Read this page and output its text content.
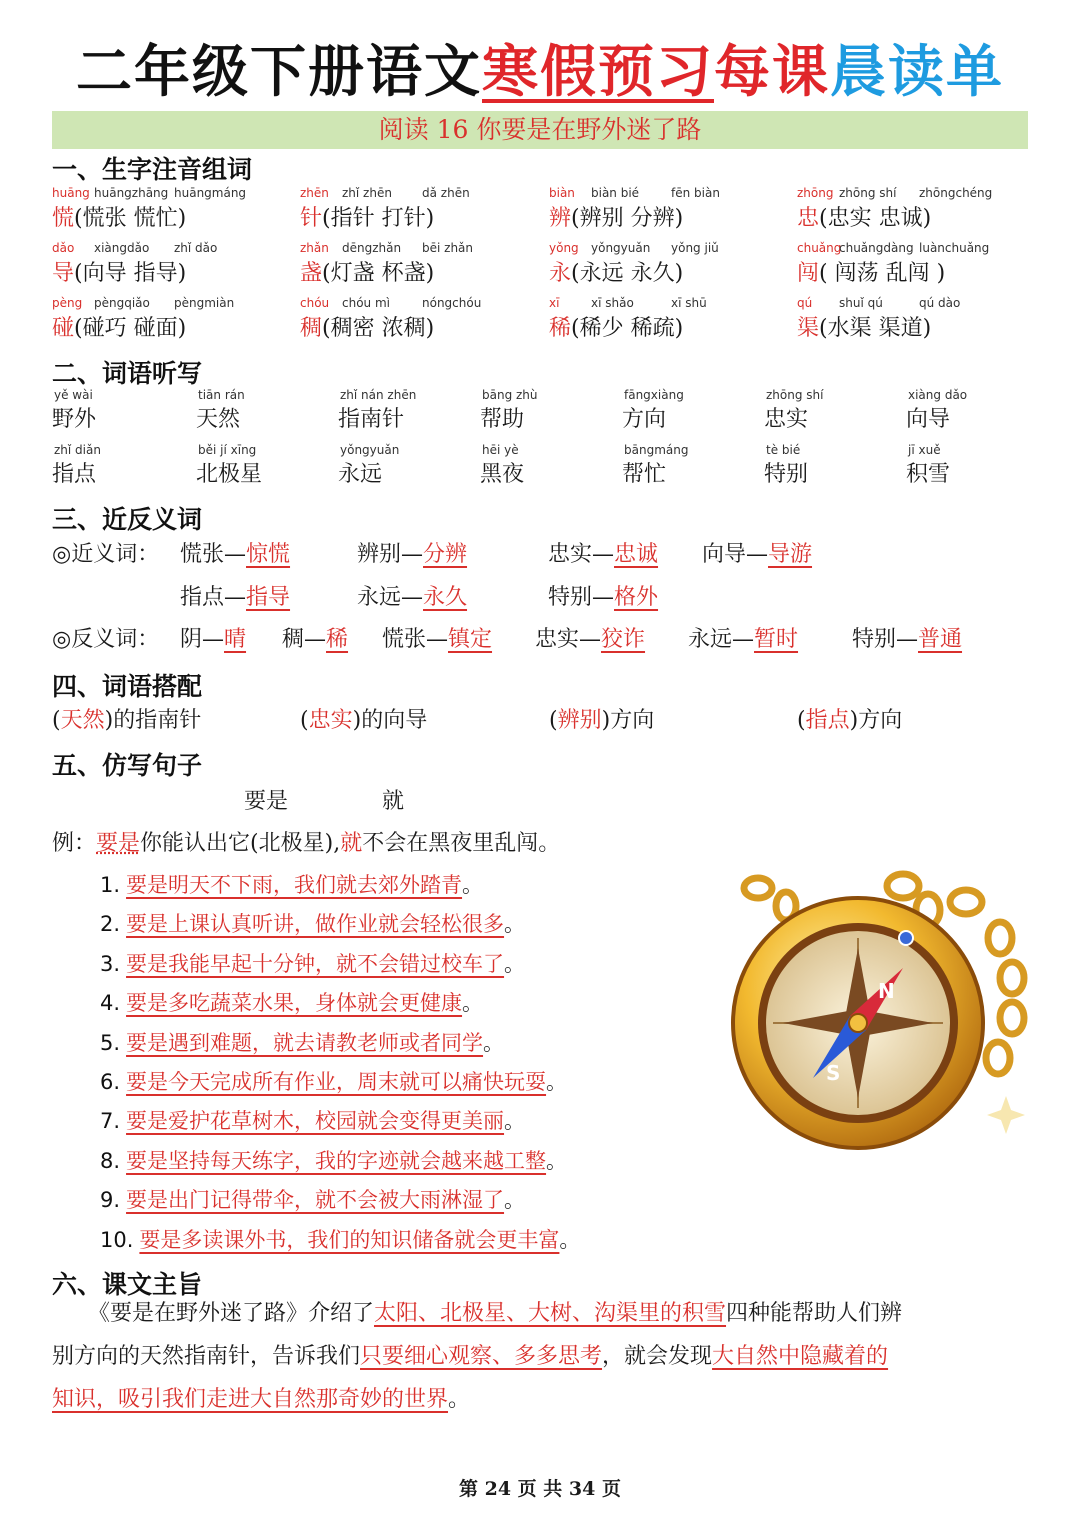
二年级下册语文寒假预习每课晨读单
阅读 16 你要是在野外迷了路
一、生字注音组词
huāng huāngzhāng huāngmáng
慌(慌张 慌忙)
zhēn zhǐ zhēn	dǎ zhēn
针(指针 打针)
biàn biàn bié	fēn biàn
辨(辨别 分辨)
zhōng zhōng shí zhōngchéng
忠(忠实 忠诚)
dǎo xiàngdǎo zhǐ dǎo
导(向导 指导)
zhǎn dēngzhǎn bēi zhǎn
盏(灯盏 杯盏)
yǒng yǒngyuǎn yǒng jiǔ
永(永远 永久)
chuǎng
chuǎngdàng luànchuǎng
闯( 闯荡 乱闯 )
pèng pèngqiǎo pèngmiàn
碰(碰巧 碰面)
chóu chóu mì	nóngchóu
稠(稠密 浓稠)
xī	xī shǎo	xī shū
稀(稀少 稀疏)
qú shuǐ qú	qú dào
渠(水渠 渠道)
二、词语听写
yě wài
野外
tiān rán
天然
zhǐ nán zhēn
指南针
bāng zhù
帮助
fāngxiàng
方向
zhōng shí
忠实
xiàng dǎo
向导
zhǐ diǎn
指点
běi jí xīng
北极星
yǒngyuǎn
永远
hēi yè
黑夜
bāngmáng
帮忙
tè bié
特别
jī xuě
积雪
三、近反义词
◎近义词： 慌张—惊慌	辨别—分辨	忠实—忠诚 向导—导游
指点—指导	永远—永久	特别—格外
◎反义词： 阴—晴 稠—稀 慌张—镇定 忠实—狡诈 永远—暂时 特别—普通
四、词语搭配
(天然)的指南针	(忠实)的向导	(辨别)方向	(指点)方向
五、仿写句子
要是	就
例：要是你能认出它(北极星),就不会在黑夜里乱闯。
1. 要是明天不下雨，我们就去郊外踏青。
2. 要是上课认真听讲，做作业就会轻松很多。
3. 要是我能早起十分钟，就不会错过校车了。
4. 要是多吃蔬菜水果，身体就会更健康。
5. 要是遇到难题，就去请教老师或者同学。
6. 要是今天完成所有作业，周末就可以痛快玩耍。
7. 要是爱护花草树木，校园就会变得更美丽。
8. 要是坚持每天练字，我的字迹就会越来越工整。
9. 要是出门记得带伞，就不会被大雨淋湿了。
10. 要是多读课外书，我们的知识储备就会更丰富。
N
S
六、课文主旨
《要是在野外迷了路》介绍了太阳、北极星、大树、沟渠里的积雪四种能帮助人们辨
别方向的天然指南针，告诉我们只要细心观察、多多思考，就会发现大自然中隐藏着的
知识，吸引我们走进大自然那奇妙的世界。
第 24 页 共 34 页
